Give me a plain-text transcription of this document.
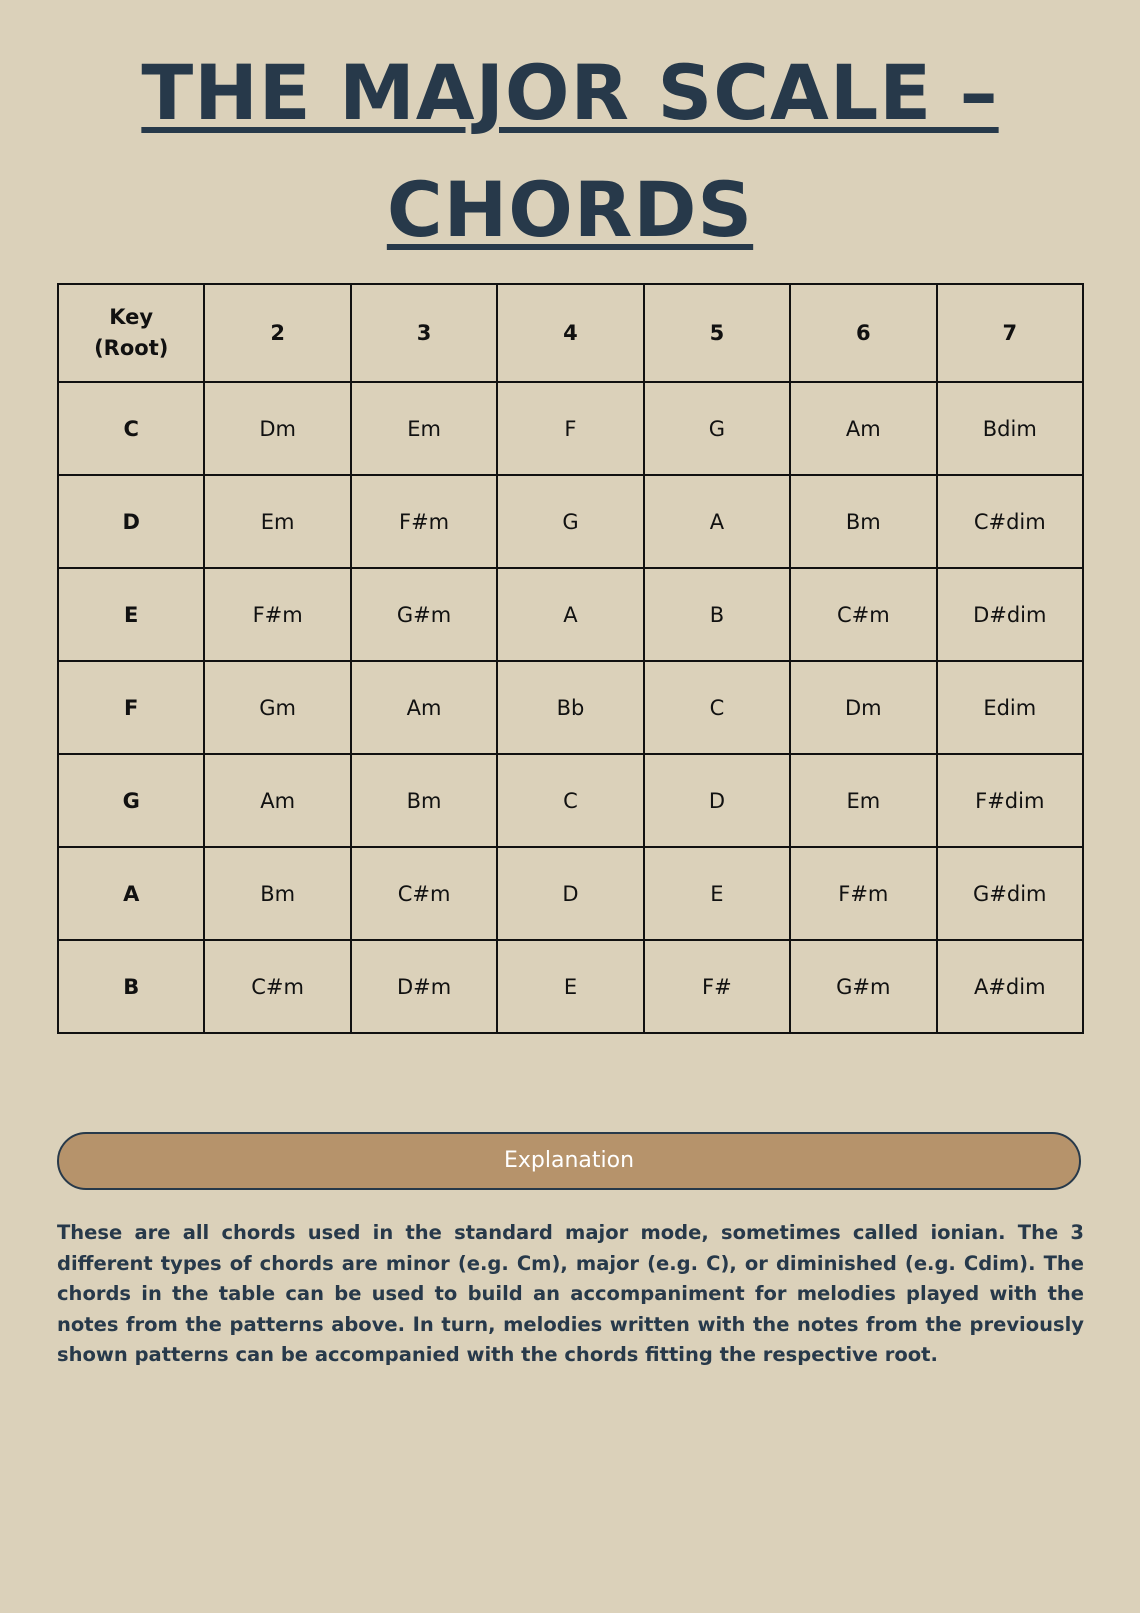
THE MAJOR SCALE –
CHORDS
Key (Root)	2	3	4	5	6	7
C	Dm	Em	F	G	Am	Bdim
D	Em	F#m	G	A	Bm	C#dim
E	F#m	G#m	A	B	C#m	D#dim
F	Gm	Am	Bb	C	Dm	Edim
G	Am	Bm	C	D	Em	F#dim
A	Bm	C#m	D	E	F#m	G#dim
B	C#m	D#m	E	F#	G#m	A#dim
Explanation

These are all chords used in the standard major mode, sometimes called ionian. The 3 different types of chords are minor (e.g. Cm), major (e.g. C), or diminished (e.g. Cdim). The chords in the table can be used to build an accompaniment for melodies played with the notes from the patterns above. In turn, melodies written with the notes from the previously shown patterns can be accompanied with the chords fitting the respective root.
